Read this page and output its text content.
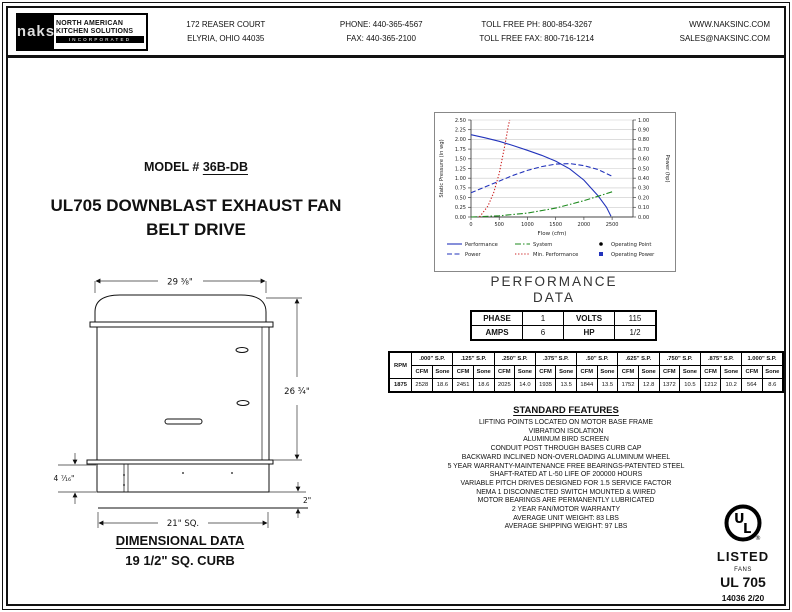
naks NORTH AMERICAN
KITCHEN SOLUTIONS
INCORPORATED
172 REASER COURT
ELYRIA, OHIO 44035
PHONE: 440-365-4567
FAX: 440-365-2100
TOLL FREE PH: 800-854-3267
TOLL FREE FAX: 800-716-1214
WWW.NAKSINC.COM
SALES@NAKSINC.COM
MODEL # 36B-DB
UL705 DOWNBLAST EXHAUST FAN
BELT DRIVE
29 ⅜"
26 ¾"
4 ⁷⁄₁₆"
2"
21" SQ.
DIMENSIONAL DATA
19 1/2" SQ. CURB
0.00
0.25
0.50
0.75
1.00
1.25
1.50
1.75
2.00
2.25
2.50
0.00
0.10
0.20
0.30
0.40
0.50
0.60
0.70
0.80
0.90
1.00
0	500	1000	1500	2000	2500
Static Pressure (in wg)	Power (hp)
Flow (cfm)
Performance
Power
System
Min. Performance
Operating Point
Operating Power
PERFORMANCE
DATA
PHASE	1	VOLTS	115
AMPS	6	HP	1/2
RPM	.000" S.P.		.125" S.P.		.250" S.P.		.375" S.P.		.50" S.P.		.625" S.P.		.750" S.P.		.875" S.P.		1.000" S.P.	
	CFM	Sone	CFM	Sone	CFM	Sone	CFM	Sone	CFM	Sone	CFM	Sone	CFM	Sone	CFM	Sone	CFM	Sone
1875	2528	18.6	2451	18.6	2025	14.0	1935	13.5	1844	13.5	1752	12.8	1372	10.5	1212	10.2	564	8.6
STANDARD FEATURES
LIFTING POINTS LOCATED ON MOTOR BASE FRAME
VIBRATION ISOLATION
ALUMINUM BIRD SCREEN
CONDUIT POST THROUGH BASES CURB CAP
BACKWARD INCLINED NON-OVERLOADING ALUMINUM WHEEL
5 YEAR WARRANTY-MAINTENANCE FREE BEARINGS-PATENTED STEEL
SHAFT-RATED AT L-50 LIFE OF 200000 HOURS
VARIABLE PITCH DRIVES DESIGNED FOR 1.5 SERVICE FACTOR
NEMA 1 DISCONNECTED SWITCH MOUNTED & WIRED
MOTOR BEARINGS ARE PERMANENTLY LUBRICATED
2 YEAR FAN/MOTOR WARRANTY
AVERAGE UNIT WEIGHT: 83 LBS
AVERAGE SHIPPING WEIGHT: 97 LBS	U
L
®
LISTED
FANS
UL 705
14036 2/20
